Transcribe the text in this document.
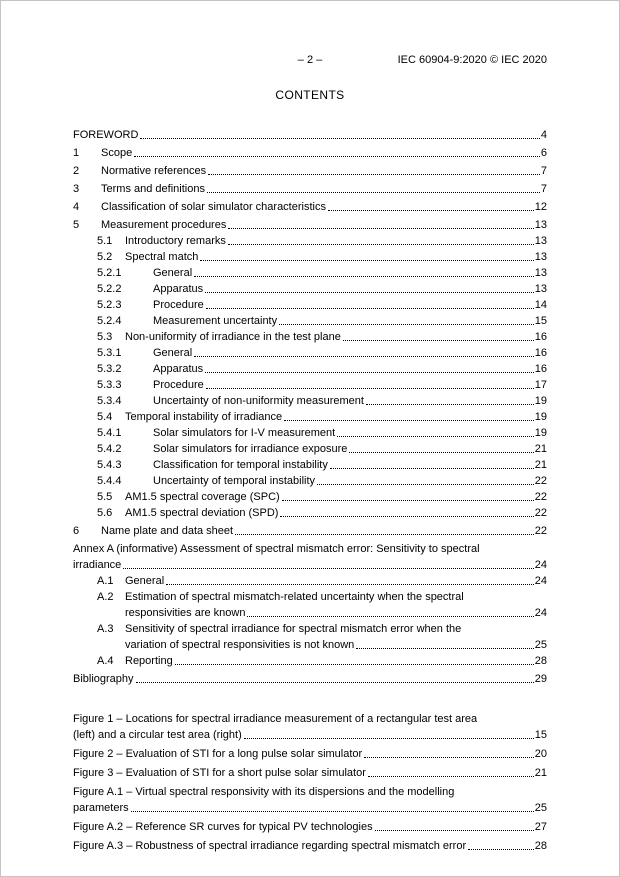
– 2 –	IEC 60904-9:2020 © IEC 2020
CONTENTS
FOREWORD	4
1	Scope	6
2	Normative references	7
3	Terms and definitions	7
4	Classification of solar simulator characteristics	12
5	Measurement procedures	13
5.1	Introductory remarks	13
5.2	Spectral match	13
5.2.1	General	13
5.2.2	Apparatus	13
5.2.3	Procedure	14
5.2.4	Measurement uncertainty	15
5.3	Non-uniformity of irradiance in the test plane	16
5.3.1	General	16
5.3.2	Apparatus	16
5.3.3	Procedure	17
5.3.4	Uncertainty of non-uniformity measurement	19
5.4	Temporal instability of irradiance	19
5.4.1	Solar simulators for I-V measurement	19
5.4.2	Solar simulators for irradiance exposure	21
5.4.3	Classification for temporal instability	21
5.4.4	Uncertainty of temporal instability	22
5.5	AM1.5 spectral coverage (SPC)	22
5.6	AM1.5 spectral deviation (SPD)	22
6	Name plate and data sheet	22
Annex A (informative) Assessment of spectral mismatch error: Sensitivity to spectral
irradiance	24
A.1	General	24
A.2	Estimation of spectral mismatch-related uncertainty when the spectral
responsivities are known	24
A.3	Sensitivity of spectral irradiance for spectral mismatch error when the
variation of spectral responsivities is not known	25
A.4	Reporting	28
Bibliography	29
Figure 1 – Locations for spectral irradiance measurement of a rectangular test area
(left) and a circular test area (right)	15
Figure 2 – Evaluation of STI for a long pulse solar simulator	20
Figure 3 – Evaluation of STI for a short pulse solar simulator	21
Figure A.1 – Virtual spectral responsivity with its dispersions and the modelling
parameters	25
Figure A.2 – Reference SR curves for typical PV technologies	27
Figure A.3 – Robustness of spectral irradiance regarding spectral mismatch error	28
